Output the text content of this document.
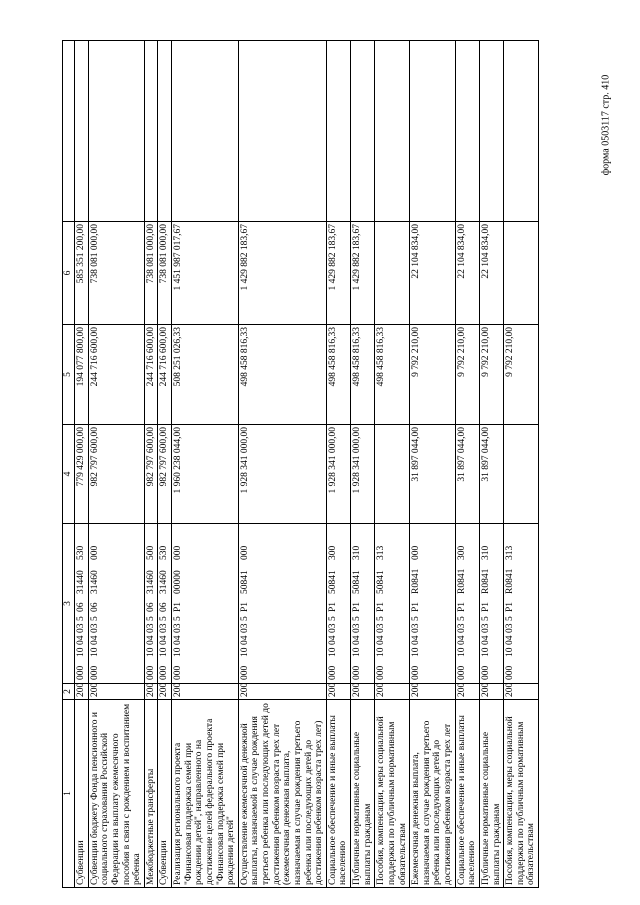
форма 0503117 стр. 410
1	2	3	4	5	6	
Субвенции	200	00010040350631440530	779 429 000,00	194 077 800,00	585 351 200,00	
Субвенции бюджету Фонда пенсионного и социального страхования Российской Федерации на выплату ежемесячного пособия в связи с рождением и воспитанием ребенка	200	00010040350631460000	982 797 600,00	244 716 600,00	738 081 000,00	
Межбюджетные трансферты	200	00010040350631460500	982 797 600,00	244 716 600,00	738 081 000,00	
Субвенции	200	00010040350631460530	982 797 600,00	244 716 600,00	738 081 000,00	
Реализация регионального проекта "Финансовая поддержка семей при рождении детей", направленного на достижение целей федерального проекта "Финансовая поддержка семей при рождении детей"	200	0001004035P100000000	1 960 238 044,00	508 251 026,33	1 451 987 017,67	
Осуществление ежемесячной денежной выплаты, назначаемой в случае рождения третьего ребенка или последующих детей до достижения ребенком возраста трех лет (ежемесячная денежная выплата, назначаемая в случае рождения третьего ребенка или последующих детей до достижения ребенком возраста трех лет)	200	0001004035P150841000	1 928 341 000,00	498 458 816,33	1 429 882 183,67	
Социальное обеспечение и иные выплаты населению	200	0001004035P150841300	1 928 341 000,00	498 458 816,33	1 429 882 183,67	
Публичные нормативные социальные выплаты гражданам	200	0001004035P150841310	1 928 341 000,00	498 458 816,33	1 429 882 183,67	
Пособия, компенсации, меры социальной поддержки по публичным нормативным обязательствам	200	0001004035P150841313		498 458 816,33		
Ежемесячная денежная выплата, назначаемая в случае рождения третьего ребенка или последующих детей до достижения ребенком возраста трех лет	200	0001004035P1R0841000	31 897 044,00	9 792 210,00	22 104 834,00	
Социальное обеспечение и иные выплаты населению	200	0001004035P1R0841300	31 897 044,00	9 792 210,00	22 104 834,00	
Публичные нормативные социальные выплаты гражданам	200	0001004035P1R0841310	31 897 044,00	9 792 210,00	22 104 834,00	
Пособия, компенсации, меры социальной поддержки по публичным нормативным обязательствам	200	0001004035P1R0841313		9 792 210,00		
